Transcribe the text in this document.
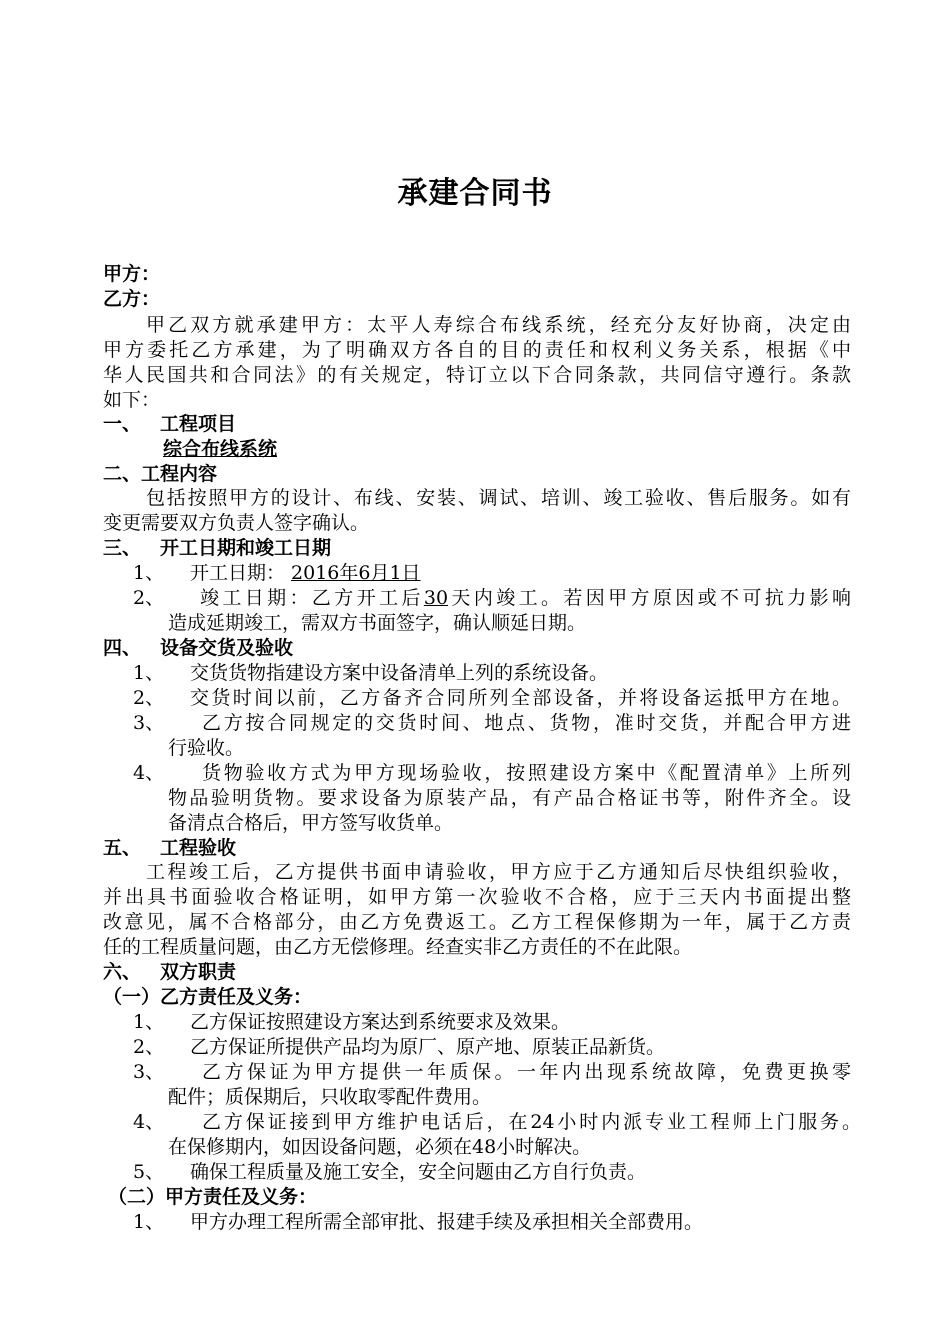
承建合同书
甲方：
乙方：
甲乙双方就承建甲方：太平人寿综合布线系统，经充分友好协商，决定由
甲方委托乙方承建，为了明确双方各自的目的责任和权利义务关系，根据《中
华人民国共和合同法》的有关规定，特订立以下合同条款，共同信守遵行。条款
如下：
一、 工程项目
综合布线系统
二、工程内容
包括按照甲方的设计、布线、安装、调试、培训、竣工验收、售后服务。如有
变更需要双方负责人签字确认。
三、 开工日期和竣工日期
1、 开工日期： 2016年6月1日
2、 竣工日期：乙方开工后30天内竣工。若因甲方原因或不可抗力影响
造成延期竣工，需双方书面签字，确认顺延日期。
四、 设备交货及验收
1、 交货货物指建设方案中设备清单上列的系统设备。
2、 交货时间以前，乙方备齐合同所列全部设备，并将设备运抵甲方在地。
3、 乙方按合同规定的交货时间、地点、货物，准时交货，并配合甲方进
行验收。
4、 货物验收方式为甲方现场验收，按照建设方案中《配置清单》上所列
物品验明货物。要求设备为原装产品，有产品合格证书等，附件齐全。设
备清点合格后，甲方签写收货单。
五、 工程验收
工程竣工后，乙方提供书面申请验收，甲方应于乙方通知后尽快组织验收，
并出具书面验收合格证明，如甲方第一次验收不合格，应于三天内书面提出整
改意见，属不合格部分，由乙方免费返工。乙方工程保修期为一年，属于乙方责
任的工程质量问题，由乙方无偿修理。经查实非乙方责任的不在此限。
六、 双方职责
（一）乙方责任及义务：
1、 乙方保证按照建设方案达到系统要求及效果。
2、 乙方保证所提供产品均为原厂、原产地、原装正品新货。
3、 乙方保证为甲方提供一年质保。一年内出现系统故障，免费更换零
配件；质保期后，只收取零配件费用。
4、 乙方保证接到甲方维护电话后，在24小时内派专业工程师上门服务。
在保修期内，如因设备问题，必须在48小时解决。
5、 确保工程质量及施工安全，安全问题由乙方自行负责。
（二）甲方责任及义务：
1、 甲方办理工程所需全部审批、报建手续及承担相关全部费用。
